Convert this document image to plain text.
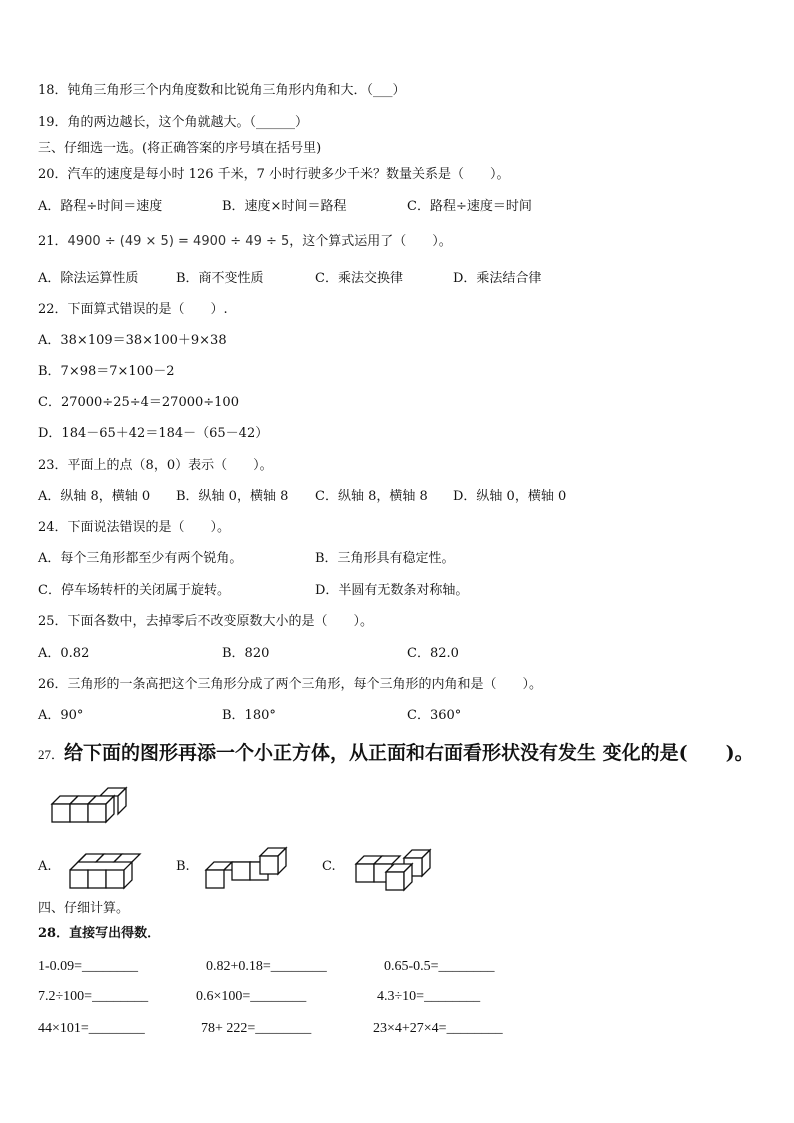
18．钝角三角形三个内角度数和比锐角三角形内角和大．（___）
19．角的两边越长，这个角就越大。（______）
三、仔细选一选。(将正确答案的序号填在括号里)
20．汽车的速度是每小时 126 千米，7 小时行驶多少千米？数量关系是（　　）。
A．路程÷时间＝速度	B．速度×时间＝路程	C．路程÷速度＝时间
21．4900 ÷ (49 × 5) = 4900 ÷ 49 ÷ 5，这个算式运用了（　　）。
A．除法运算性质	B．商不变性质	C．乘法交换律	D．乘法结合律
22．下面算式错误的是（　　）.
A．38×109＝38×100＋9×38
B．7×98＝7×100－2
C．27000÷25÷4＝27000÷100
D．184－65＋42＝184－（65－42）
23．平面上的点（8，0）表示（　　）。
A．纵轴 8，横轴 0 B．纵轴 0，横轴 8 C．纵轴 8，横轴 8 D．纵轴 0，横轴 0
24．下面说法错误的是（　　）。
A．每个三角形都至少有两个锐角。	B．三角形具有稳定性。
C．停车场转杆的关闭属于旋转。	D．半圆有无数条对称轴。
25．下面各数中，去掉零后不改变原数大小的是（　　）。
A．0.82	B．820	C．82.0
26．三角形的一条高把这个三角形分成了两个三角形，每个三角形的内角和是（　　）。
A．90°	B．180°	C．360°
27．给下面的图形再添一个小正方体，从正面和右面看形状没有发生 变化的是(　　)。
A.	B.	C.
四、仔细计算。
28．直接写出得数．
1-0.09=________	0.82+0.18=________	0.65-0.5=________
7.2÷100=________	0.6×100=________	4.3÷10=________
44×101=________	78+ 222=________	23×4+27×4=________
